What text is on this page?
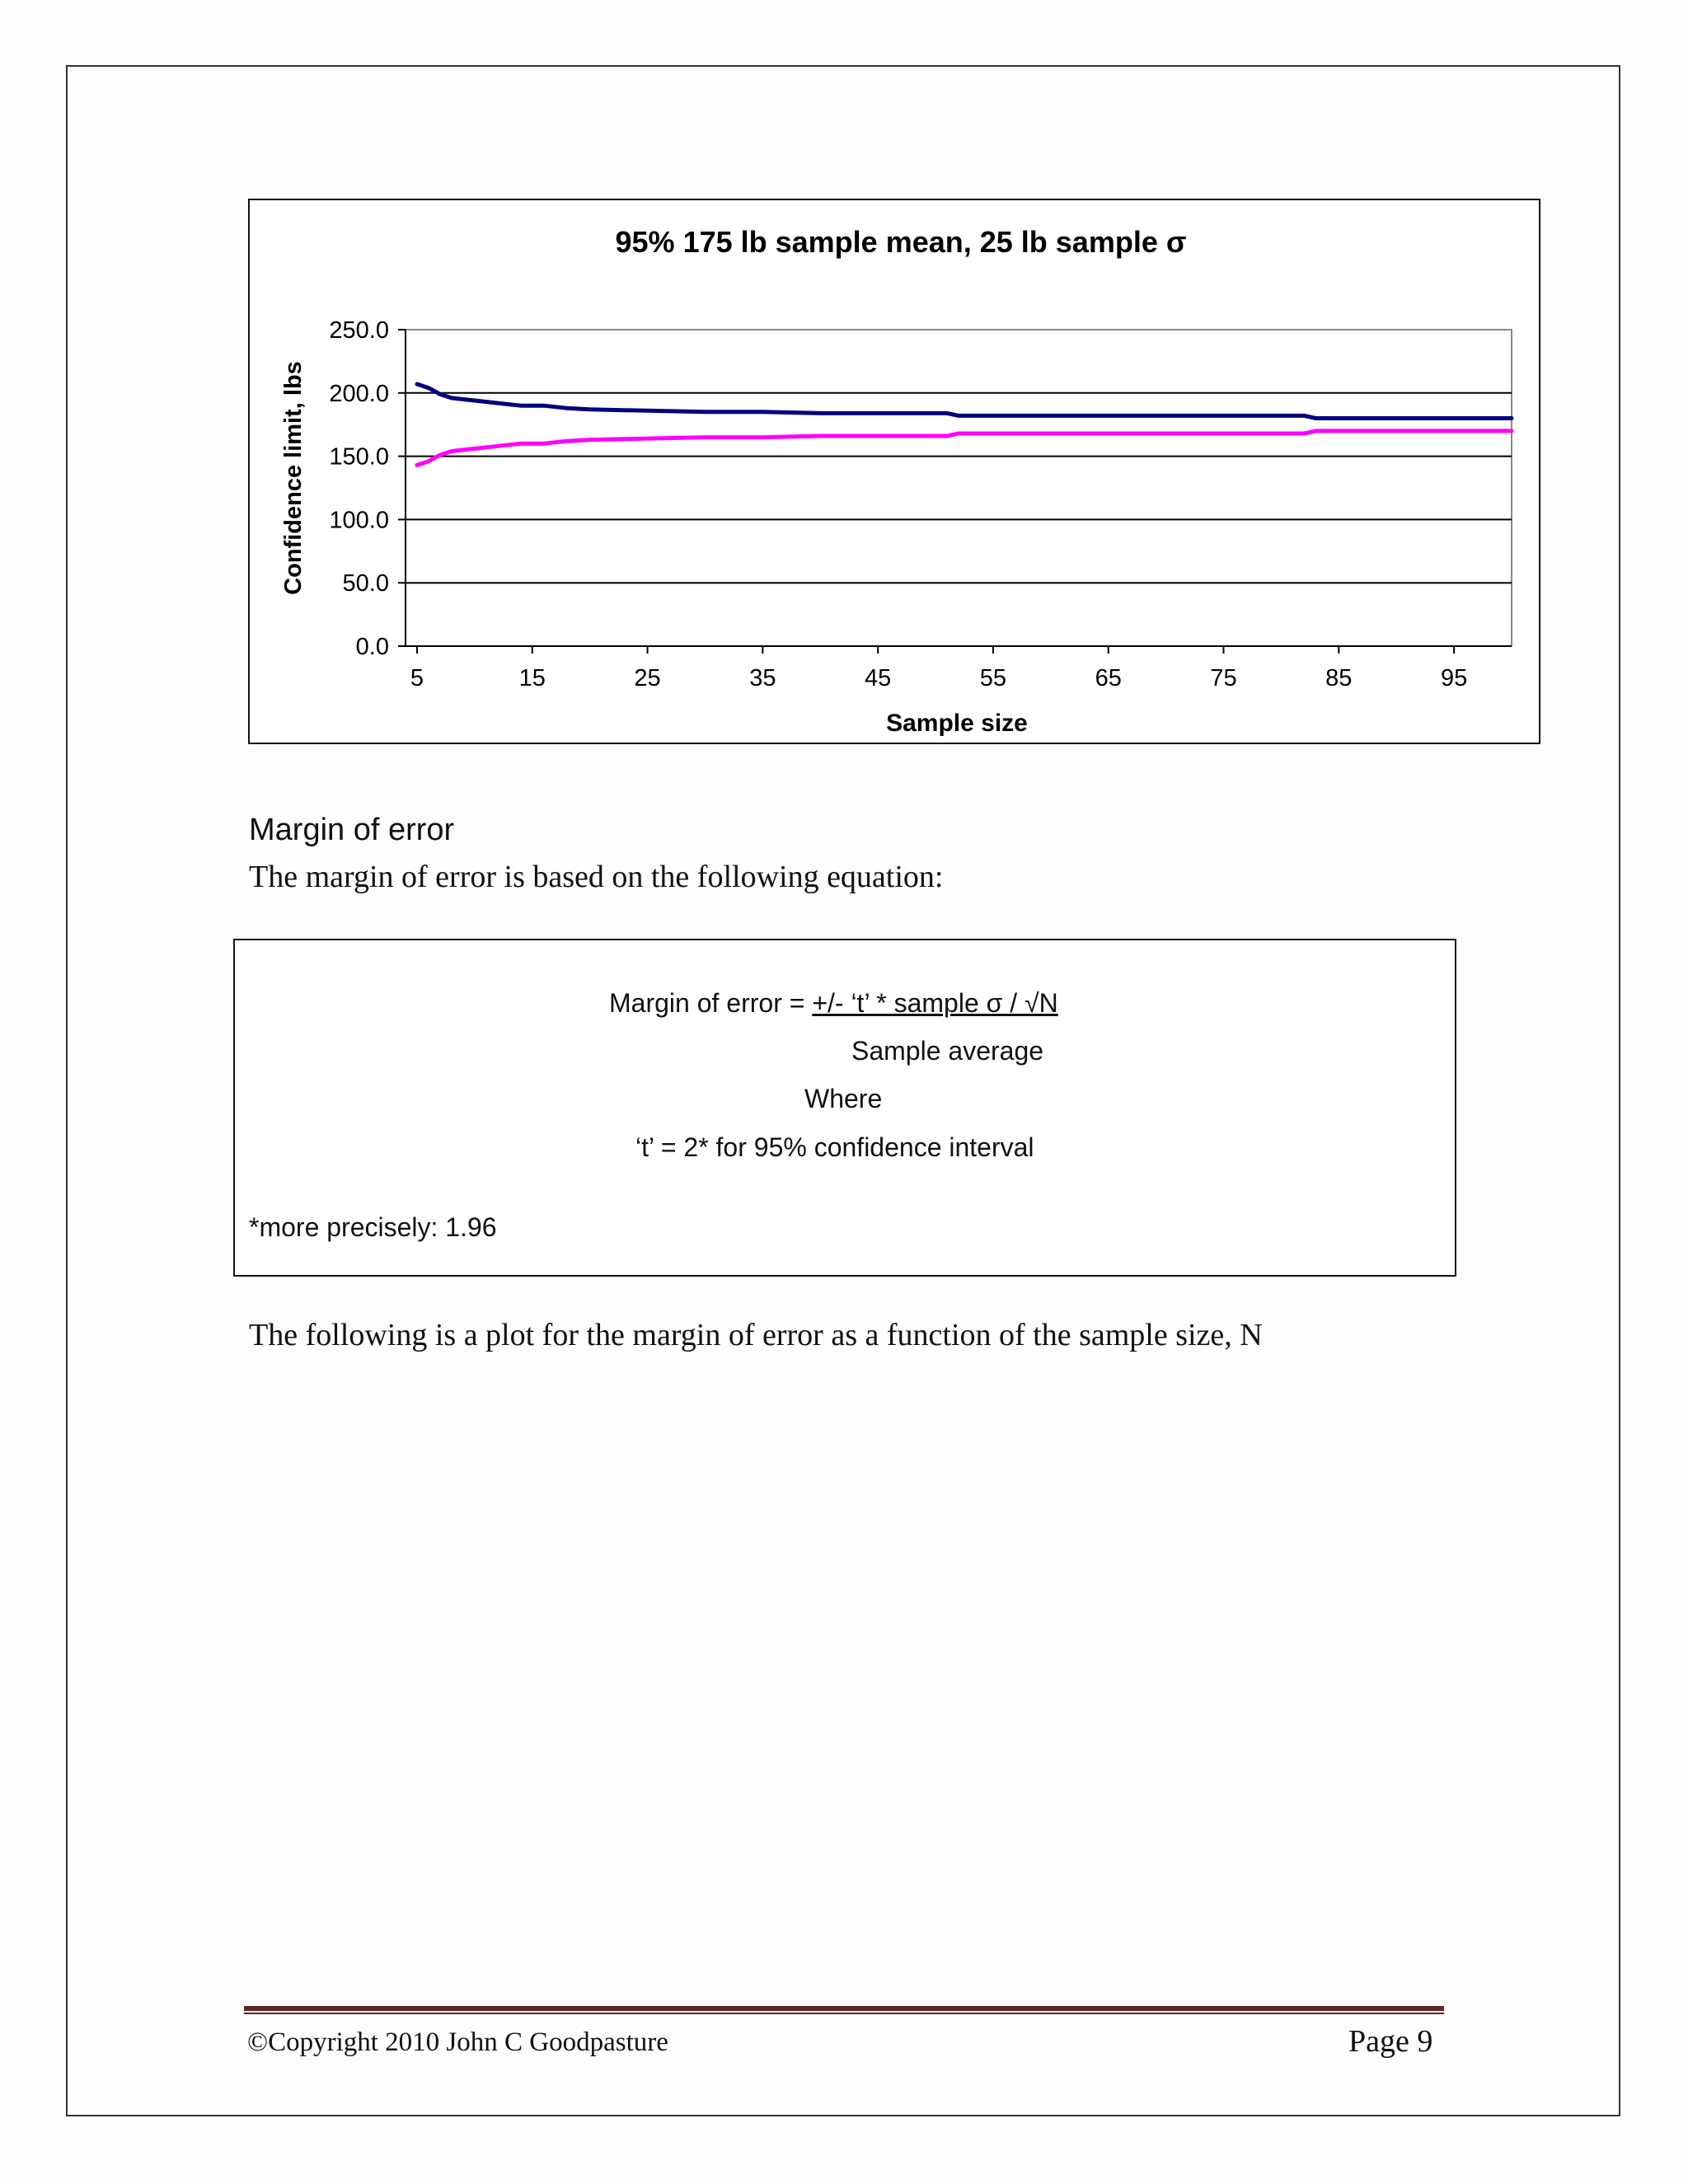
95% 175 lb sample mean, 25 lb sample σ
Confidence limit, lbs
Sample size
250.0
200.0
150.0
100.0
50.0
0.0
5	15	25	35	45	55	65	75	85	95
Margin of error
The margin of error is based on the following equation:
Margin of error = +/- ‘t’ * sample σ / √N
Sample average
Where
‘t’ = 2* for 95% confidence interval
*more precisely: 1.96
The following is a plot for the margin of error as a function of the sample size, N
©Copyright 2010 John C Goodpasture	Page 9
